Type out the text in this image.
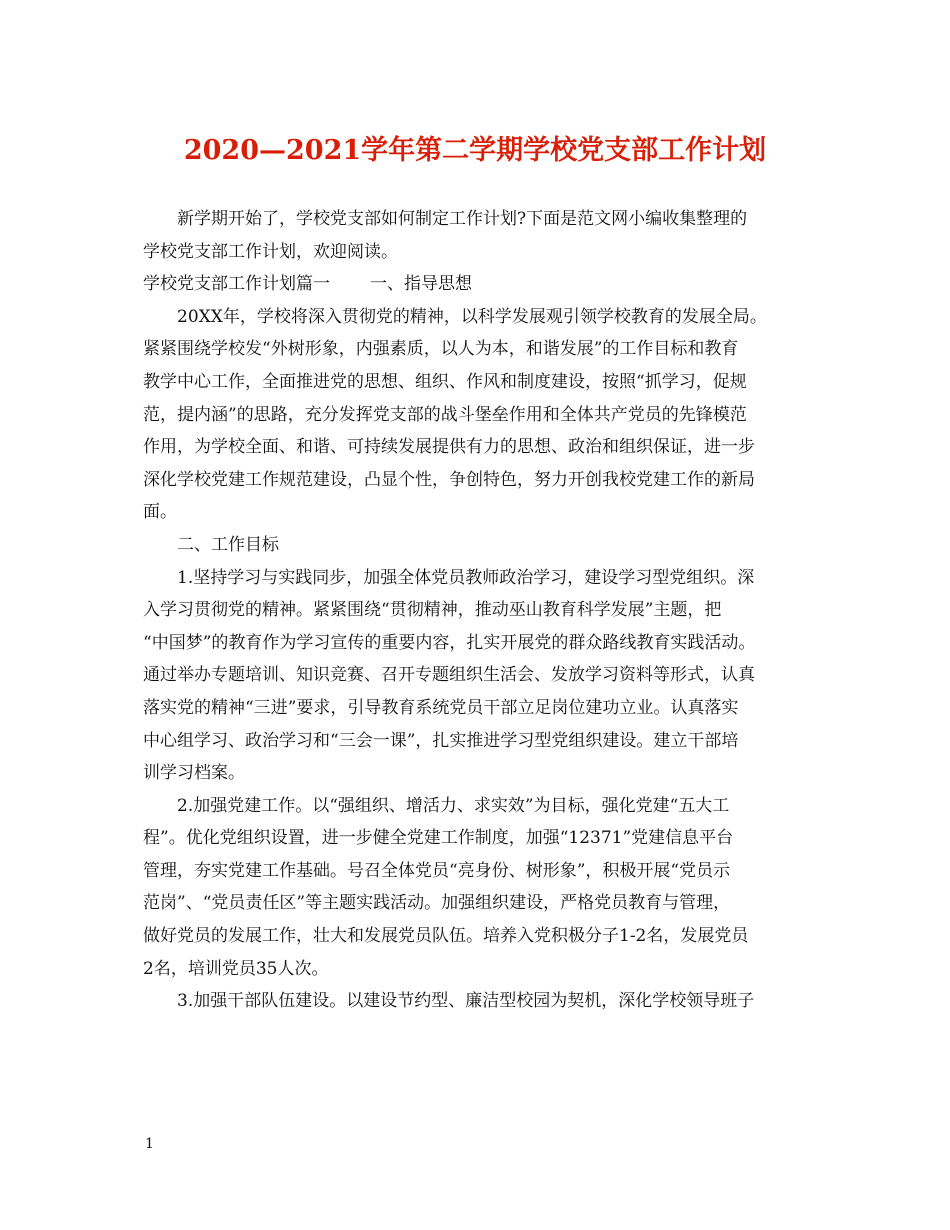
2020—2021学年第二学期学校党支部工作计划
新学期开始了，学校党支部如何制定工作计划?下面是范文网小编收集整理的
学校党支部工作计划，欢迎阅读。
学校党支部工作计划篇一 一、指导思想
20XX年，学校将深入贯彻党的精神，以科学发展观引领学校教育的发展全局。
紧紧围绕学校发“外树形象，内强素质，以人为本，和谐发展”的工作目标和教育
教学中心工作，全面推进党的思想、组织、作风和制度建设，按照“抓学习，促规
范，提内涵”的思路，充分发挥党支部的战斗堡垒作用和全体共产党员的先锋模范
作用，为学校全面、和谐、可持续发展提供有力的思想、政治和组织保证，进一步
深化学校党建工作规范建设，凸显个性，争创特色，努力开创我校党建工作的新局
面。
二、工作目标
1.坚持学习与实践同步，加强全体党员教师政治学习，建设学习型党组织。深
入学习贯彻党的精神。紧紧围绕“贯彻精神，推动巫山教育科学发展”主题，把
“中国梦”的教育作为学习宣传的重要内容，扎实开展党的群众路线教育实践活动。
通过举办专题培训、知识竞赛、召开专题组织生活会、发放学习资料等形式，认真
落实党的精神“三进”要求，引导教育系统党员干部立足岗位建功立业。认真落实
中心组学习、政治学习和“三会一课”，扎实推进学习型党组织建设。建立干部培
训学习档案。
2.加强党建工作。以“强组织、增活力、求实效”为目标，强化党建“五大工
程”。优化党组织设置，进一步健全党建工作制度，加强“12371”党建信息平台
管理，夯实党建工作基础。号召全体党员“亮身份、树形象”，积极开展“党员示
范岗”、“党员责任区”等主题实践活动。加强组织建设，严格党员教育与管理，
做好党员的发展工作，壮大和发展党员队伍。培养入党积极分子1-2名，发展党员
2名，培训党员35人次。
3.加强干部队伍建设。以建设节约型、廉洁型校园为契机，深化学校领导班子
1
